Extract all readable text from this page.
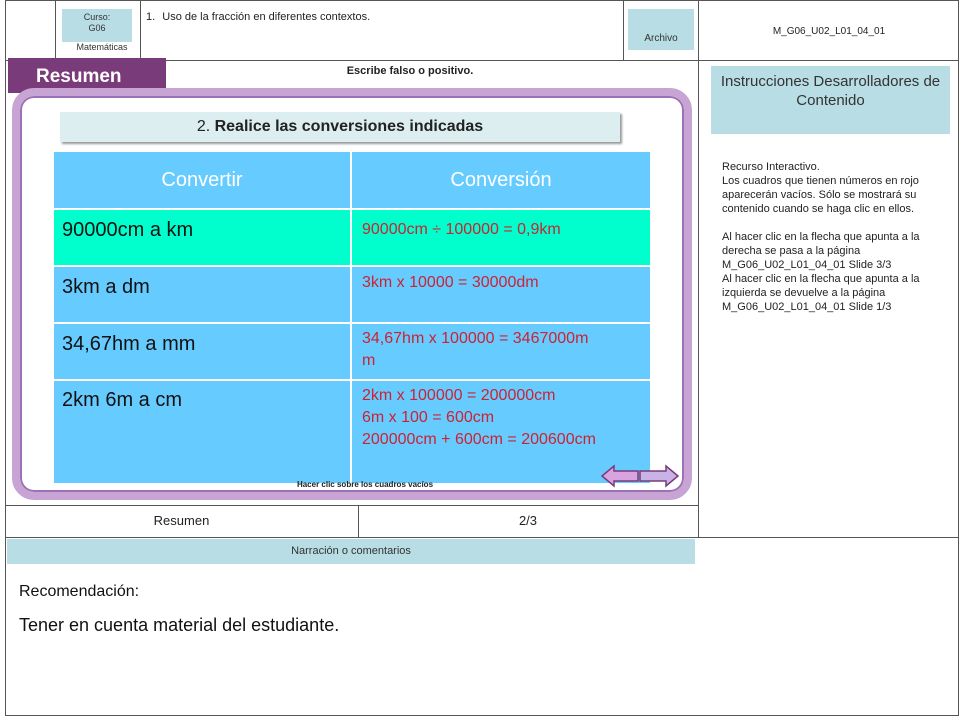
Curso:
G06
Matemáticas
1. Uso de la fracción en diferentes contextos.
Archivo
M_G06_U02_L01_04_01
Resumen	Escribe falso o positivo.
2. Realice las conversiones indicadas
Convertir	Conversión
90000cm a km	90000cm ÷ 100000 = 0,9km
3km a dm	3km x 10000 = 30000dm
34,67hm a mm	34,67hm x 100000 = 3467000m
m
2km 6m a cm	2km x 100000 = 200000cm
6m x 100 = 600cm
200000cm + 600cm = 200600cm
Hacer clic sobre los cuadros vacíos
Instrucciones Desarrolladores de Contenido
Recurso Interactivo.
Los cuadros que tienen números en rojo aparecerán vacíos. Sólo se mostrará su contenido cuando se haga clic en ellos.

Al hacer clic en la flecha que apunta a la derecha se pasa a la página M_G06_U02_L01_04_01 Slide 3/3
Al hacer clic en la flecha que apunta a la izquierda se devuelve a la página M_G06_U02_L01_04_01 Slide 1/3
Resumen	2/3
Narración o comentarios
Recomendación:
Tener en cuenta material del estudiante.
